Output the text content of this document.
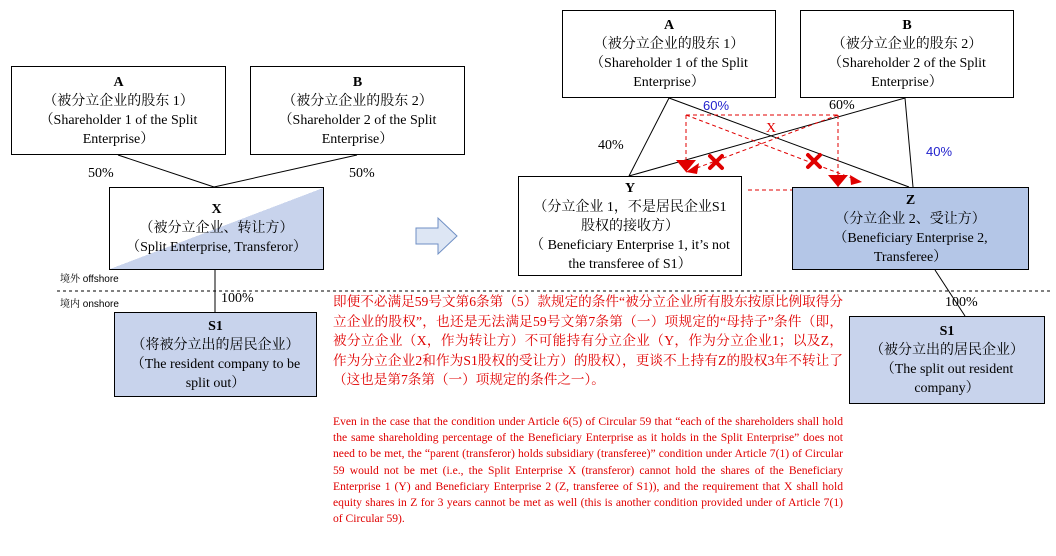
A
（被分立企业的股东 1）
（Shareholder 1 of the Split Enterprise）
B
（被分立企业的股东 2）
（Shareholder 2 of the Split Enterprise）
50%	50%
X
（被分立企业、转让方）
（Split Enterprise, Transferor）
境外 offshore
境内 onshore	100%
S1
（将被分立出的居民企业）
（The resident company to be split out）
A
（被分立企业的股东 1）
（Shareholder 1 of the Split Enterprise）
B
（被分立企业的股东 2）
（Shareholder 2 of the Split Enterprise）
60%	60%
40%	40%
X
Y
（分立企业 1，不是居民企业S1股权的接收方）
（ Beneficiary Enterprise 1, it’s not the transferee of S1）
Z
（分立企业 2、受让方）
（Beneficiary Enterprise 2, Transferee）
100%
S1
（被分立出的居民企业）
（The split out resident company）
即便不必满足59号文第6条第（5）款规定的条件“被分立企业所有股东按原比例取得分立企业的股权”，也还是无法满足59号文第7条第（一）项规定的“母持子”条件（即，被分立企业（X，作为转让方）不可能持有分立企业（Y，作为分立企业1；以及Z，作为分立企业2和作为S1股权的受让方）的股权），更谈不上持有Z的股权3年不转让了（这也是第7条第（一）项规定的条件之一）。
Even in the case that the condition under Article 6(5) of Circular 59 that “each of the shareholders shall hold the same shareholding percentage of the Beneficiary Enterprise as it holds in the Split Enterprise” does not need to be met, the “parent (transferor) holds subsidiary (transferee)” condition under Article 7(1) of Circular 59 would not be met (i.e., the Split Enterprise X (transferor) cannot hold the shares of the Beneficiary Enterprise 1 (Y) and Beneficiary Enterprise 2 (Z, transferee of S1)), and the requirement that X shall hold equity shares in Z for 3 years cannot be met as well (this is another condition provided under of Article 7(1) of Circular 59).
